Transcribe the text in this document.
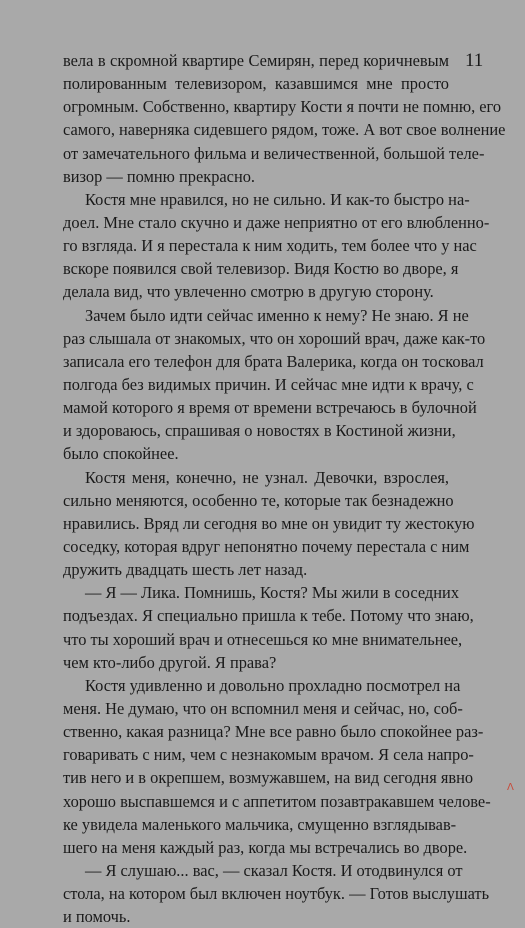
11
вела в скромной квартире Семирян, перед коричневым
полированным телевизором, казавшимся мне просто
огромным. Собственно, квартиру Кости я почти не помню, его
самого, наверняка сидевшего рядом, тоже. А вот свое волнение
от замечательного фильма и величественной, большой теле-
визор — помню прекрасно.
Костя мне нравился, но не сильно. И как-то быстро на-
доел. Мне стало скучно и даже неприятно от его влюбленно-
го взгляда. И я перестала к ним ходить, тем более что у нас
вскоре появился свой телевизор. Видя Костю во дворе, я
делала вид, что увлеченно смотрю в другую сторону.
Зачем было идти сейчас именно к нему? Не знаю. Я не
раз слышала от знакомых, что он хороший врач, даже как-то
записала его телефон для брата Валерика, когда он тосковал
полгода без видимых причин. И сейчас мне идти к врачу, с
мамой которого я время от времени встречаюсь в булочной
и здороваюсь, спрашивая о новостях в Костиной жизни,
было спокойнее.
Костя меня, конечно, не узнал. Девочки, взрослея,
сильно меняются, особенно те, которые так безнадежно
нравились. Вряд ли сегодня во мне он увидит ту жестокую
соседку, которая вдруг непонятно почему перестала с ним
дружить двадцать шесть лет назад.
— Я — Лика. Помнишь, Костя? Мы жили в соседних
подъездах. Я специально пришла к тебе. Потому что знаю,
что ты хороший врач и отнесешься ко мне внимательнее,
чем кто-либо другой. Я права?
Костя удивленно и довольно прохладно посмотрел на
меня. Не думаю, что он вспомнил меня и сейчас, но, соб-
ственно, какая разница? Мне все равно было спокойнее раз-
говаривать с ним, чем с незнакомым врачом. Я села напро-
тив него и в окрепшем, возмужавшем, на вид сегодня явно
хорошо выспавшемся и с аппетитом позавтракавшем челове-
ке увидела маленького мальчика, смущенно взглядывав-
шего на меня каждый раз, когда мы встречались во дворе.
— Я слушаю... вас, — сказал Костя. И отодвинулся от
стола, на котором был включен ноутбук. — Готов выслушать
и помочь.
Λ
